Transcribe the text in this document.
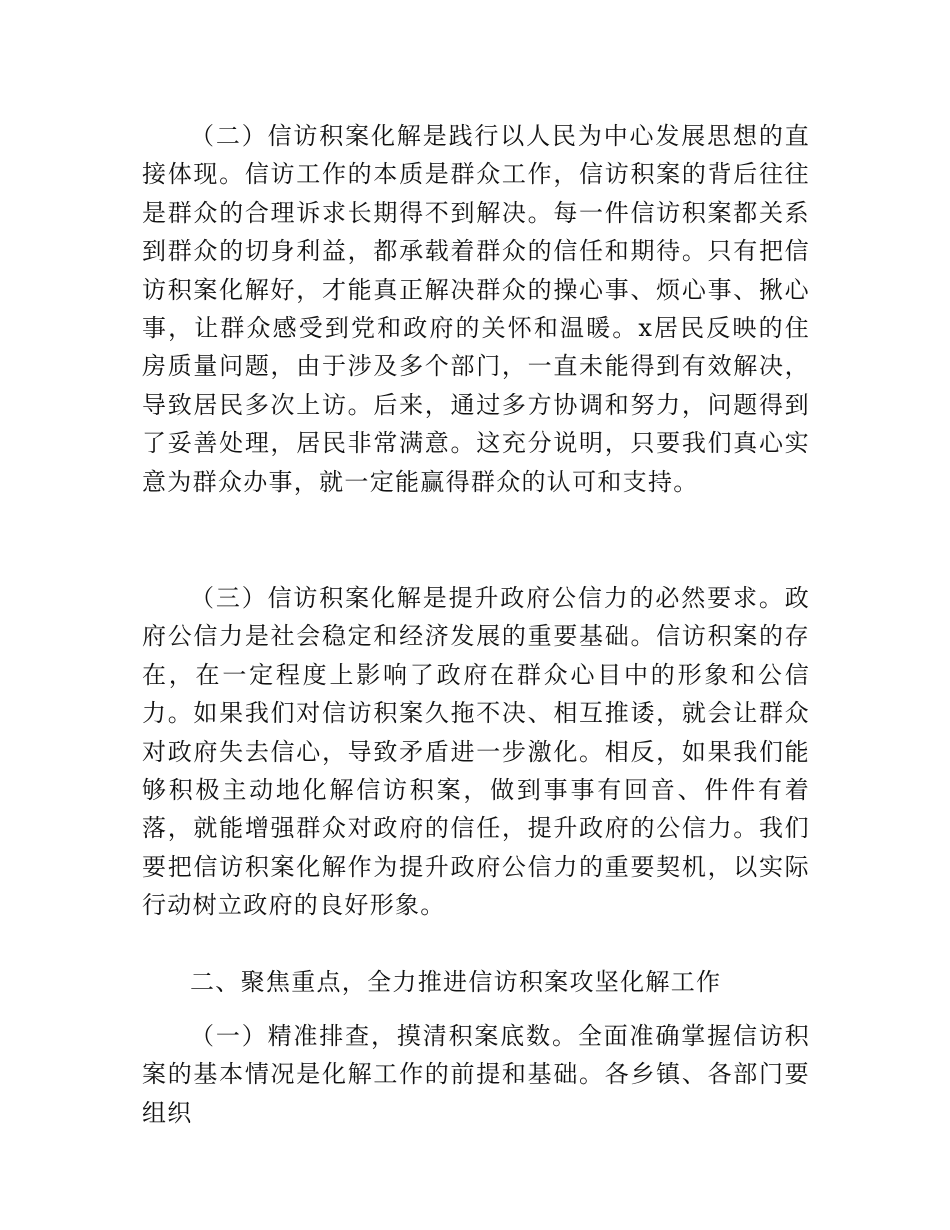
（二）信访积案化解是践行以人民为中心发展思想的直接体现。信访工作的本质是群众工作，信访积案的背后往往是群众的合理诉求长期得不到解决。每一件信访积案都关系到群众的切身利益，都承载着群众的信任和期待。只有把信访积案化解好，才能真正解决群众的操心事、烦心事、揪心事，让群众感受到党和政府的关怀和温暖。x居民反映的住房质量问题，由于涉及多个部门，一直未能得到有效解决，导致居民多次上访。后来，通过多方协调和努力，问题得到了妥善处理，居民非常满意。这充分说明，只要我们真心实意为群众办事，就一定能赢得群众的认可和支持。

（三）信访积案化解是提升政府公信力的必然要求。政府公信力是社会稳定和经济发展的重要基础。信访积案的存在，在一定程度上影响了政府在群众心目中的形象和公信力。如果我们对信访积案久拖不决、相互推诿，就会让群众对政府失去信心，导致矛盾进一步激化。相反，如果我们能够积极主动地化解信访积案，做到事事有回音、件件有着落，就能增强群众对政府的信任，提升政府的公信力。我们要把信访积案化解作为提升政府公信力的重要契机，以实际行动树立政府的良好形象。

二、聚焦重点，全力推进信访积案攻坚化解工作

（一）精准排查，摸清积案底数。全面准确掌握信访积案的基本情况是化解工作的前提和基础。各乡镇、各部门要组织
